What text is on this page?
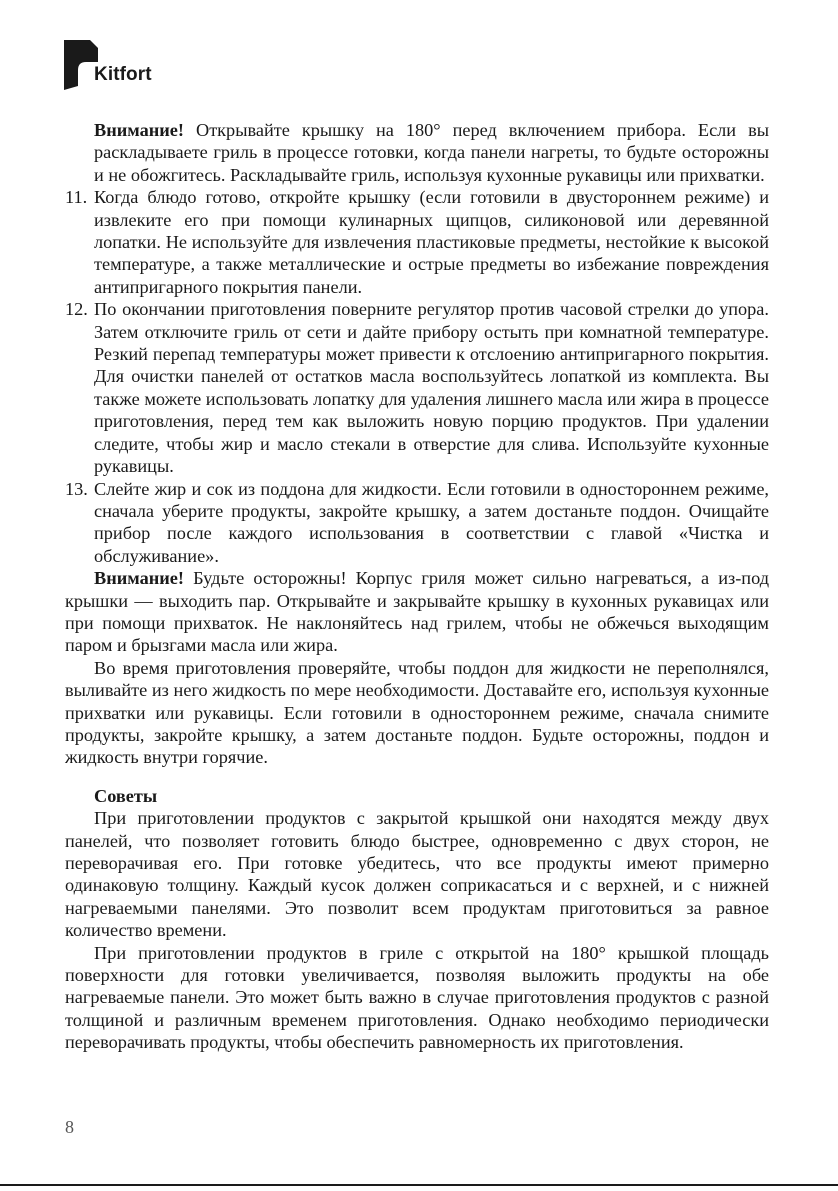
Kitfort

Внимание! Открывайте крышку на 180° перед включением прибора. Если вы раскладываете гриль в процессе готовки, когда панели нагреты, то будьте осторожны и не обожгитесь. Раскладывайте гриль, используя кухонные рукавицы или прихватки.

11. Когда блюдо готово, откройте крышку (если готовили в двустороннем режиме) и извлеките его при помощи кулинарных щипцов, силиконовой или деревянной лопатки. Не используйте для извлечения пластиковые предметы, нестойкие к высокой температуре, а также металлические и острые предметы во избежание повреждения антипригарного покрытия панели.

12. По окончании приготовления поверните регулятор против часовой стрелки до упора. Затем отключите гриль от сети и дайте прибору остыть при комнатной температуре. Резкий перепад температуры может привести к отслоению антипригарного покрытия. Для очистки панелей от остатков масла воспользуйтесь лопаткой из комплекта. Вы также можете использовать лопатку для удаления лишнего масла или жира в процессе приготовления, перед тем как выложить новую порцию продуктов. При удалении следите, чтобы жир и масло стекали в отверстие для слива. Используйте кухонные рукавицы.

13. Слейте жир и сок из поддона для жидкости. Если готовили в одностороннем режиме, сначала уберите продукты, закройте крышку, а затем достаньте поддон. Очищайте прибор после каждого использования в соответствии с главой «Чистка и обслуживание».

Внимание! Будьте осторожны! Корпус гриля может сильно нагреваться, а из-под крышки — выходить пар. Открывайте и закрывайте крышку в кухонных рукавицах или при помощи прихваток. Не наклоняйтесь над грилем, чтобы не обжечься выходящим паром и брызгами масла или жира.

Во время приготовления проверяйте, чтобы поддон для жидкости не переполнялся, выливайте из него жидкость по мере необходимости. Доставайте его, используя кухонные прихватки или рукавицы. Если готовили в одностороннем режиме, сначала снимите продукты, закройте крышку, а затем достаньте поддон. Будьте осторожны, поддон и жидкость внутри горячие.

Советы

При приготовлении продуктов с закрытой крышкой они находятся между двух панелей, что позволяет готовить блюдо быстрее, одновременно с двух сторон, не переворачивая его. При готовке убедитесь, что все продукты имеют примерно одинаковую толщину. Каждый кусок должен соприкасаться и с верхней, и с нижней нагреваемыми панелями. Это позволит всем продуктам приготовиться за равное количество времени.

При приготовлении продуктов в гриле с открытой на 180° крышкой площадь поверхности для готовки увеличивается, позволяя выложить продукты на обе нагреваемые панели. Это может быть важно в случае приготовления продуктов с разной толщиной и различным временем приготовления. Однако необходимо периодически переворачивать продукты, чтобы обеспечить равномерность их приготовления.

8
